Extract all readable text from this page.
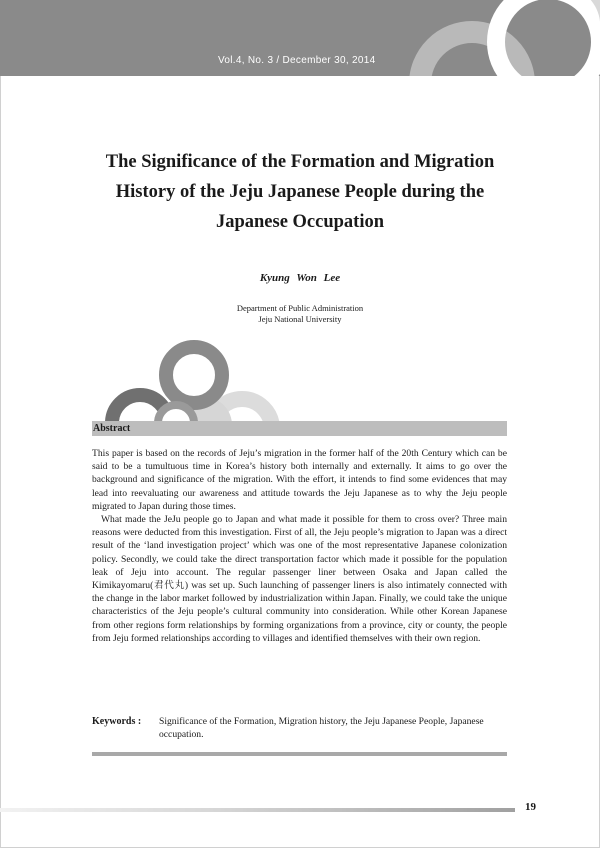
Vol.4, No. 3 / December 30, 2014
The Significance of the Formation and Migration
History of the Jeju Japanese People during the
Japanese Occupation
Kyung Won Lee
Department of Public Administration
Jeju National University
Abstract

This paper is based on the records of Jeju’s migration in the former half of the 20th Century which can be said to be a tumultuous time in Korea’s history both internally and externally. It aims to go over the background and significance of the migration. With the effort, it intends to find some evidences that may lead into reevaluating our awareness and attitude towards the Jeju Japanese as to why the Jeju people migrated to Japan during those times.

What made the JeJu people go to Japan and what made it possible for them to cross over? Three main reasons were deducted from this investigation. First of all, the Jeju people’s migration to Japan was a direct result of the ‘land investigation project’ which was one of the most representative Japanese colonization policy. Secondly, we could take the direct transportation factor which made it possible for the population leak of Jeju into account. The regular passenger liner between Osaka and Japan called the Kimikayomaru(君代丸) was set up. Such launching of passenger liners is also intimately connected with the change in the labor market followed by industrialization within Japan. Finally, we could take the unique characteristics of the Jeju people’s cultural community into consideration. While other Korean Japanese from other regions form relationships by forming organizations from a province, city or county, the people from Jeju formed relationships according to villages and identified themselves with their own region.

Keywords : Significance of the Formation, Migration history, the Jeju Japanese People, Japanese occupation.
19
